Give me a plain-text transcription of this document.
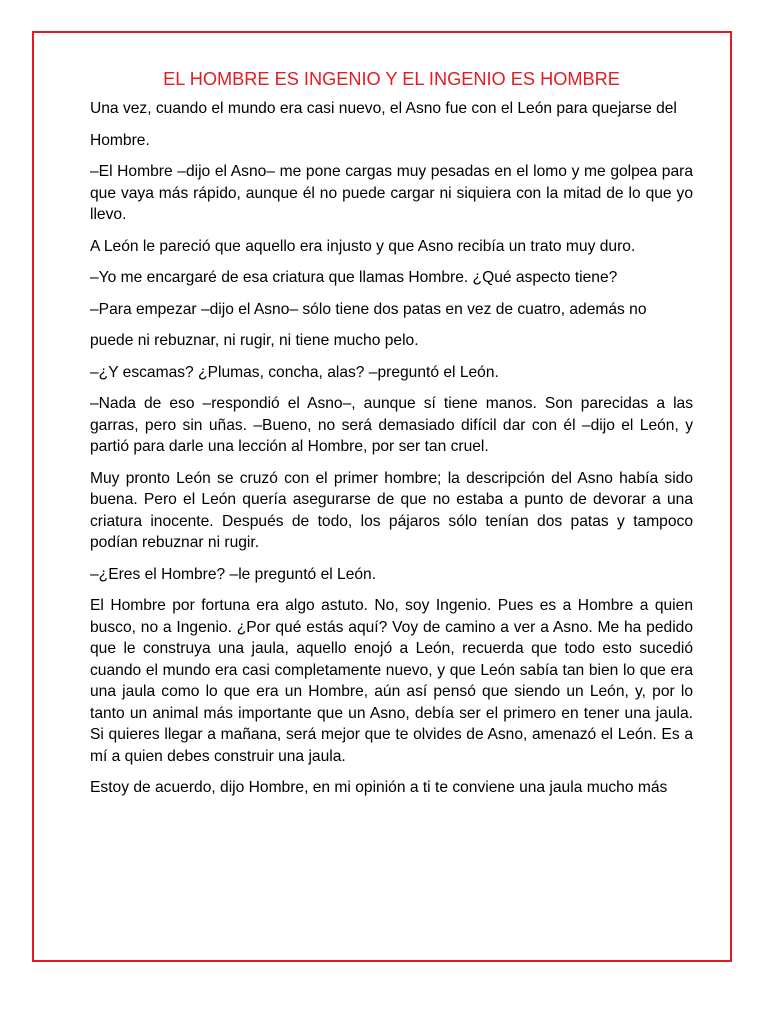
EL HOMBRE ES INGENIO Y EL INGENIO ES HOMBRE

Una vez, cuando el mundo era casi nuevo, el Asno fue con el León para quejarse del

Hombre.

–El Hombre –dijo el Asno– me pone cargas muy pesadas en el lomo y me golpea para que vaya más rápido, aunque él no puede cargar ni siquiera con la mitad de lo que yo llevo.

A León le pareció que aquello era injusto y que Asno recibía un trato muy duro.

–Yo me encargaré de esa criatura que llamas Hombre. ¿Qué aspecto tiene?

–Para empezar –dijo el Asno– sólo tiene dos patas en vez de cuatro, además no

puede ni rebuznar, ni rugir, ni tiene mucho pelo.

–¿Y escamas? ¿Plumas, concha, alas? –preguntó el León.

–Nada de eso –respondió el Asno–, aunque sí tiene manos. Son parecidas a las garras, pero sin uñas. –Bueno, no será demasiado difícil dar con él –dijo el León, y partió para darle una lección al Hombre, por ser tan cruel.

Muy pronto León se cruzó con el primer hombre; la descripción del Asno había sido buena. Pero el León quería asegurarse de que no estaba a punto de devorar a una criatura inocente. Después de todo, los pájaros sólo tenían dos patas y tampoco podían rebuznar ni rugir.

–¿Eres el Hombre? –le preguntó el León.

El Hombre por fortuna era algo astuto. No, soy Ingenio. Pues es a Hombre a quien busco, no a Ingenio. ¿Por qué estás aquí? Voy de camino a ver a Asno. Me ha pedido que le construya una jaula, aquello enojó a León, recuerda que todo esto sucedió cuando el mundo era casi completamente nuevo, y que León sabía tan bien lo que era una jaula como lo que era un Hombre, aún así pensó que siendo un León, y, por lo tanto un animal más importante que un Asno, debía ser el primero en tener una jaula. Si quieres llegar a mañana, será mejor que te olvides de Asno, amenazó el León. Es a mí a quien debes construir una jaula.

Estoy de acuerdo, dijo Hombre, en mi opinión a ti te conviene una jaula mucho más
